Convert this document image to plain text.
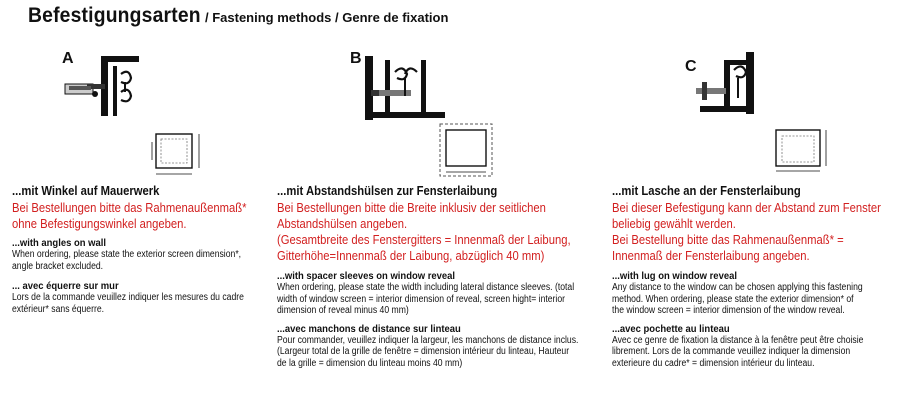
Befestigungsarten / Fastening methods / Genre de fixation
A
...mit Winkel auf Mauerwerk
Bei Bestellungen bitte das Rahmenaußenmaß*
ohne Befestigungswinkel angeben.
...with angles on wall
When ordering, please state the exterior screen dimension*,
angle bracket excluded.
... avec équerre sur mur
Lors de la commande veuillez indiquer les mesures du cadre
extérieur* sans équerre.
B
...mit Abstandshülsen zur Fensterlaibung
Bei Bestellungen bitte die Breite inklusiv der seitlichen
Abstandshülsen angeben.
(Gesamtbreite des Fenstergitters = Innenmaß der Laibung,
Gitterhöhe=Innenmaß der Laibung, abzüglich 40 mm)
...with spacer sleeves on window reveal
When ordering, please state the width including lateral distance sleeves. (total
width of window screen = interior dimension of reveal, screen hight= interior
dimension of reveal minus 40 mm)
...avec manchons de distance sur linteau
Pour commander, veuillez indiquer la largeur, les manchons de distance inclus.
(Largeur total de la grille de fenêtre = dimension intérieur du linteau, Hauteur
de la grille = dimension du linteau moins 40 mm)
C
...mit Lasche an der Fensterlaibung
Bei dieser Befestigung kann der Abstand zum Fenster
beliebig gewählt werden.
Bei Bestellung bitte das Rahmenaußenmaß* =
Innenmaß der Fensterlaibung angeben.
...with lug on window reveal
Any distance to the window can be chosen applying this fastening
method. When ordering, please state the exterior dimension* of
the window screen = interior dimension of the window reveal.
...avec pochette au linteau
Avec ce genre de fixation la distance à la fenêtre peut être choisie
librement. Lors de la commande veuillez indiquer la dimension
exterieure du cadre* = dimension intérieur du linteau.
